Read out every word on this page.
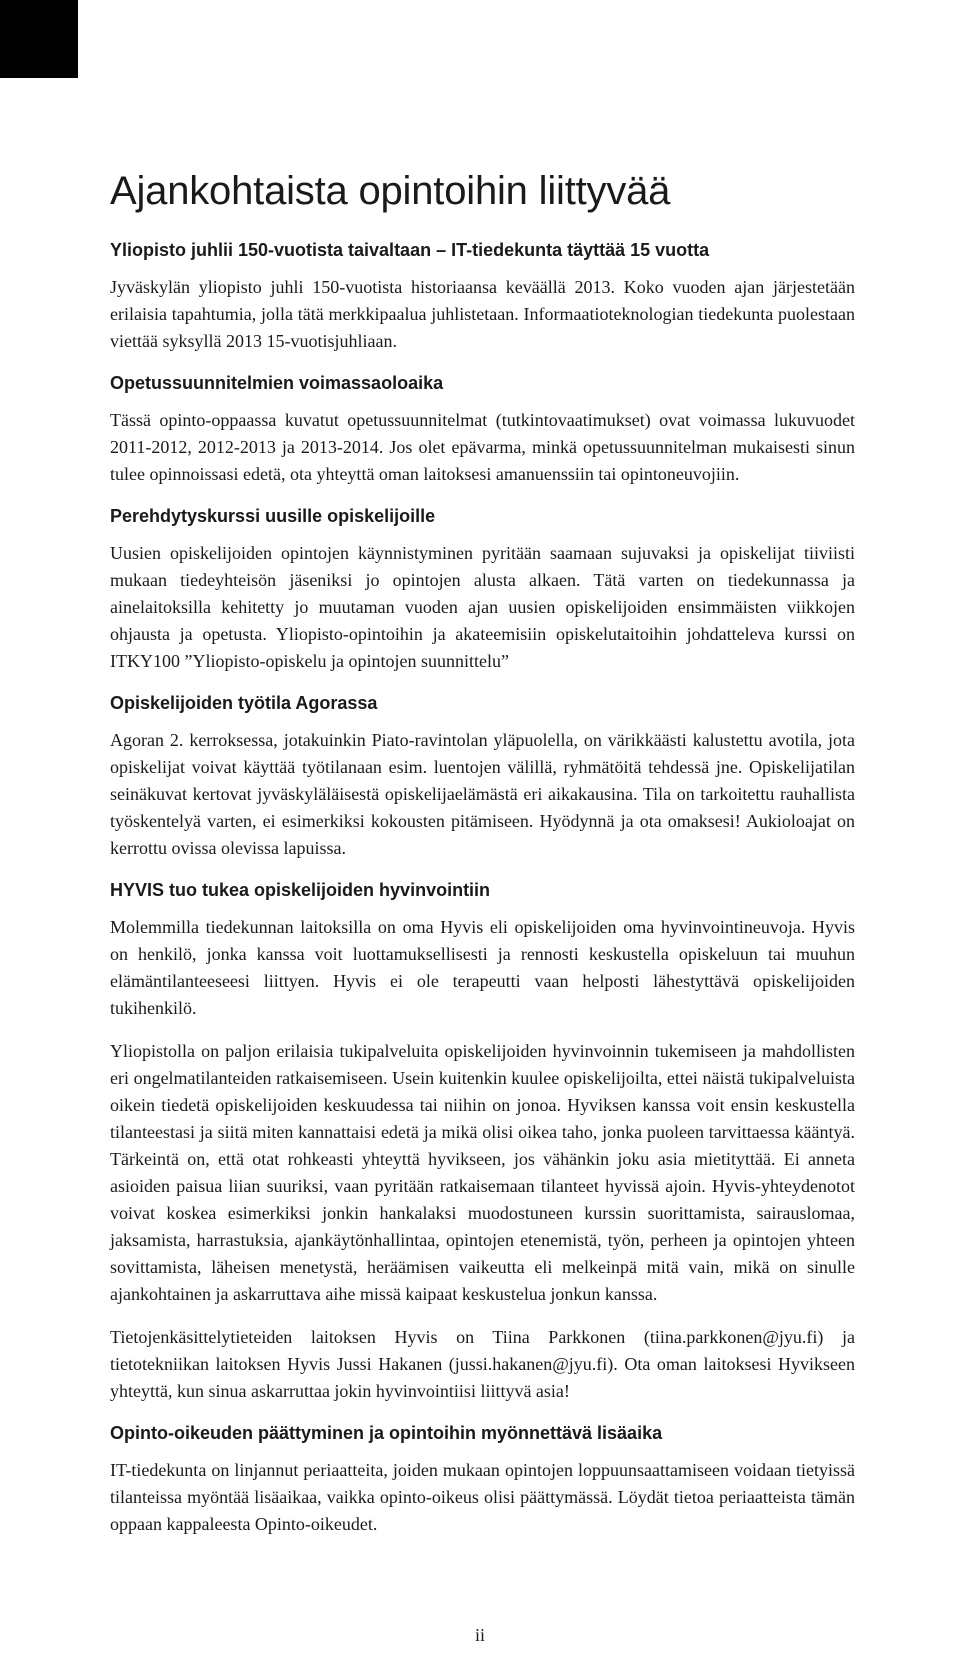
Ajankohtaista opintoihin liittyvää
Yliopisto juhlii 150-vuotista taivaltaan – IT-tiedekunta täyttää 15 vuotta

Jyväskylän yliopisto juhli 150-vuotista historiaansa keväällä 2013. Koko vuoden ajan järjestetään erilaisia tapahtumia, jolla tätä merkkipaalua juhlistetaan. Informaatioteknologian tiedekunta puolestaan viettää syksyllä 2013 15-vuotisjuhliaan.

Opetussuunnitelmien voimassaoloaika

Tässä opinto-oppaassa kuvatut opetussuunnitelmat (tutkintovaatimukset) ovat voimassa lukuvuodet 2011-2012, 2012-2013 ja 2013-2014. Jos olet epävarma, minkä opetussuunnitelman mukaisesti sinun tulee opinnoissasi edetä, ota yhteyttä oman laitoksesi amanuenssiin tai opintoneuvojiin.

Perehdytyskurssi uusille opiskelijoille

Uusien opiskelijoiden opintojen käynnistyminen pyritään saamaan sujuvaksi ja opiskelijat tiiviisti mukaan tiedeyhteisön jäseniksi jo opintojen alusta alkaen. Tätä varten on tiedekunnassa ja ainelaitoksilla kehitetty jo muutaman vuoden ajan uusien opiskelijoiden ensimmäisten viikkojen ohjausta ja opetusta. Yliopisto-opintoihin ja akateemisiin opiskelutaitoihin johdatteleva kurssi on ITKY100 ”Yliopisto-opiskelu ja opintojen suunnittelu”

Opiskelijoiden työtila Agorassa

Agoran 2. kerroksessa, jotakuinkin Piato-ravintolan yläpuolella, on värikkäästi kalustettu avotila, jota opiskelijat voivat käyttää työtilanaan esim. luentojen välillä, ryhmätöitä tehdessä jne. Opiskelijatilan seinäkuvat kertovat jyväskyläläisestä opiskelijaelämästä eri aikakausina. Tila on tarkoitettu rauhallista työskentelyä varten, ei esimerkiksi kokousten pitämiseen. Hyödynnä ja ota omaksesi! Aukioloajat on kerrottu ovissa olevissa lapuissa.

HYVIS tuo tukea opiskelijoiden hyvinvointiin

Molemmilla tiedekunnan laitoksilla on oma Hyvis eli opiskelijoiden oma hyvinvointineuvoja. Hyvis on henkilö, jonka kanssa voit luottamuksellisesti ja rennosti keskustella opiskeluun tai muuhun elämäntilanteeseesi liittyen. Hyvis ei ole terapeutti vaan helposti lähestyttävä opiskelijoiden tukihenkilö.

Yliopistolla on paljon erilaisia tukipalveluita opiskelijoiden hyvinvoinnin tukemiseen ja mahdollisten eri ongelmatilanteiden ratkaisemiseen. Usein kuitenkin kuulee opiskelijoilta, ettei näistä tukipalveluista oikein tiedetä opiskelijoiden keskuudessa tai niihin on jonoa. Hyviksen kanssa voit ensin keskustella tilanteestasi ja siitä miten kannattaisi edetä ja mikä olisi oikea taho, jonka puoleen tarvittaessa kääntyä. Tärkeintä on, että otat rohkeasti yhteyttä hyvikseen, jos vähänkin joku asia mietityttää. Ei anneta asioiden paisua liian suuriksi, vaan pyritään ratkaisemaan tilanteet hyvissä ajoin. Hyvis-yhteydenotot voivat koskea esimerkiksi jonkin hankalaksi muodostuneen kurssin suorittamista, sairauslomaa, jaksamista, harrastuksia, ajankäytönhallintaa, opintojen etenemistä, työn, perheen ja opintojen yhteen sovittamista, läheisen menetystä, heräämisen vaikeutta eli melkeinpä mitä vain, mikä on sinulle ajankohtainen ja askarruttava aihe missä kaipaat keskustelua jonkun kanssa.

Tietojenkäsittelytieteiden laitoksen Hyvis on Tiina Parkkonen (tiina.parkkonen@jyu.fi) ja tietotekniikan laitoksen Hyvis Jussi Hakanen (jussi.hakanen@jyu.fi). Ota oman laitoksesi Hyvikseen yhteyttä, kun sinua askarruttaa jokin hyvinvointiisi liittyvä asia!

Opinto-oikeuden päättyminen ja opintoihin myönnettävä lisäaika

IT-tiedekunta on linjannut periaatteita, joiden mukaan opintojen loppuunsaattamiseen voidaan tietyissä tilanteissa myöntää lisäaikaa, vaikka opinto-oikeus olisi päättymässä. Löydät tietoa periaatteista tämän oppaan kappaleesta Opinto-oikeudet.

ii
